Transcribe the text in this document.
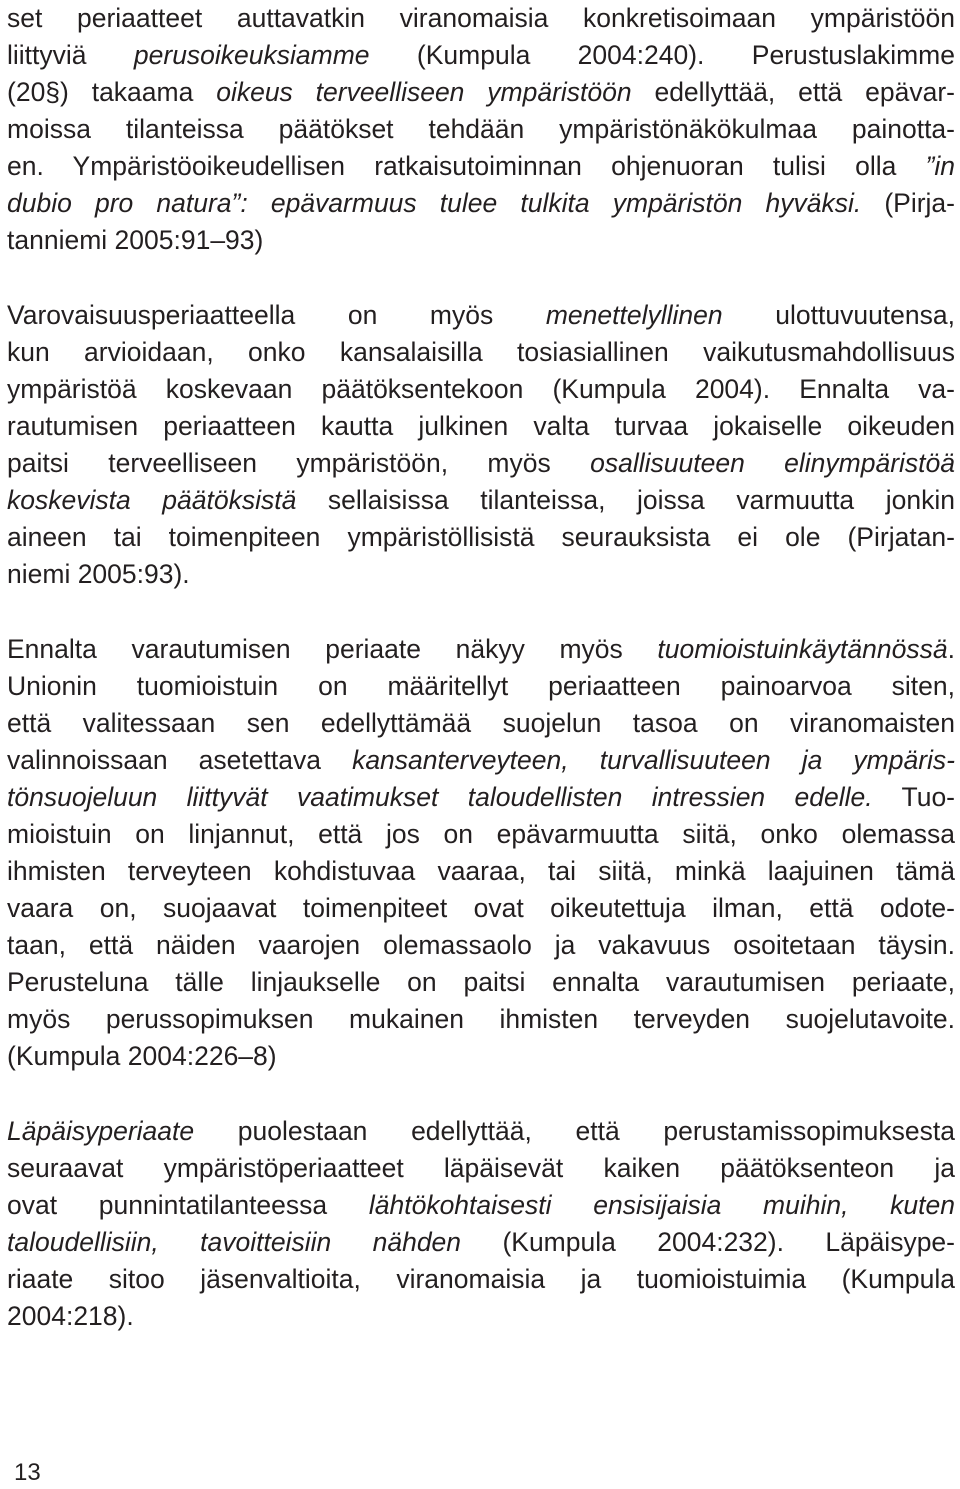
set periaatteet auttavatkin viranomaisia konkretisoimaan ympäristöön
liittyviä perusoikeuksiamme (Kumpula 2004:240). Perustuslakimme
(20§) takaama oikeus terveelliseen ympäristöön edellyttää, että epävar-
moissa tilanteissa päätökset tehdään ympäristönäkökulmaa painotta-
en. Ympäristöoikeudellisen ratkaisutoiminnan ohjenuoran tulisi olla ”in
dubio pro natura”: epävarmuus tulee tulkita ympäristön hyväksi. (Pirja-
tanniemi 2005:91–93)
Varovaisuusperiaatteella on myös menettelyllinen ulottuvuutensa,
kun arvioidaan, onko kansalaisilla tosiasiallinen vaikutusmahdollisuus
ympäristöä koskevaan päätöksentekoon (Kumpula 2004). Ennalta va-
rautumisen periaatteen kautta julkinen valta turvaa jokaiselle oikeuden
paitsi terveelliseen ympäristöön, myös osallisuuteen elinympäristöä
koskevista päätöksistä sellaisissa tilanteissa, joissa varmuutta jonkin
aineen tai toimenpiteen ympäristöllisistä seurauksista ei ole (Pirjatan-
niemi 2005:93).
Ennalta varautumisen periaate näkyy myös tuomioistuinkäytännössä.
Unionin tuomioistuin on määritellyt periaatteen painoarvoa siten,
että valitessaan sen edellyttämää suojelun tasoa on viranomaisten
valinnoissaan asetettava kansanterveyteen, turvallisuuteen ja ympäris-
tönsuojeluun liittyvät vaatimukset taloudellisten intressien edelle. Tuo-
mioistuin on linjannut, että jos on epävarmuutta siitä, onko olemassa
ihmisten terveyteen kohdistuvaa vaaraa, tai siitä, minkä laajuinen tämä
vaara on, suojaavat toimenpiteet ovat oikeutettuja ilman, että odote-
taan, että näiden vaarojen olemassaolo ja vakavuus osoitetaan täysin.
Perusteluna tälle linjaukselle on paitsi ennalta varautumisen periaate,
myös perussopimuksen mukainen ihmisten terveyden suojelutavoite.
(Kumpula 2004:226–8)
Läpäisyperiaate puolestaan edellyttää, että perustamissopimuksesta
seuraavat ympäristöperiaatteet läpäisevät kaiken päätöksenteon ja
ovat punnintatilanteessa lähtökohtaisesti ensisijaisia muihin, kuten
taloudellisiin, tavoitteisiin nähden (Kumpula 2004:232). Läpäisype-
riaate sitoo jäsenvaltioita, viranomaisia ja tuomioistuimia (Kumpula
2004:218).
13
